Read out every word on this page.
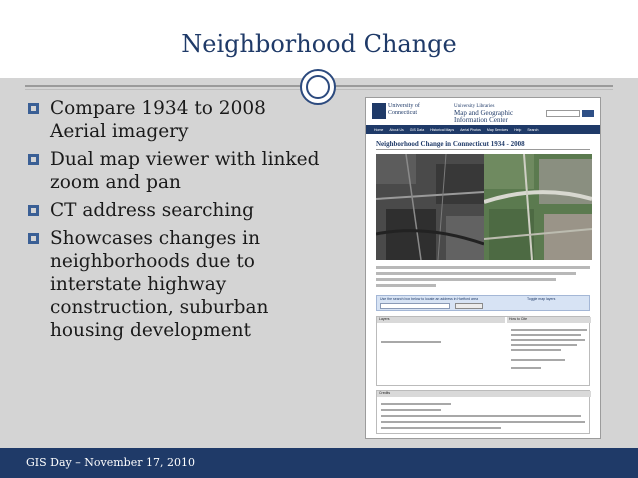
Neighborhood Change
Compare 1934 to 2008 Aerial imagery
Dual map viewer with linked zoom and pan
CT address searching
Showcases changes in neighborhoods due to interstate highway construction, suburban housing development
University of Connecticut
University Libraries
Map and Geographic Information Center
Home About Us GIS Data Historical Maps Aerial Photos Map Services Help Search
Neighborhood Change in Connecticut 1934 - 2008
Use the search box below to locate an address in Hartford area	Toggle map layers
Layers	How to Cite
Credits
GIS Day – November 17, 2010
